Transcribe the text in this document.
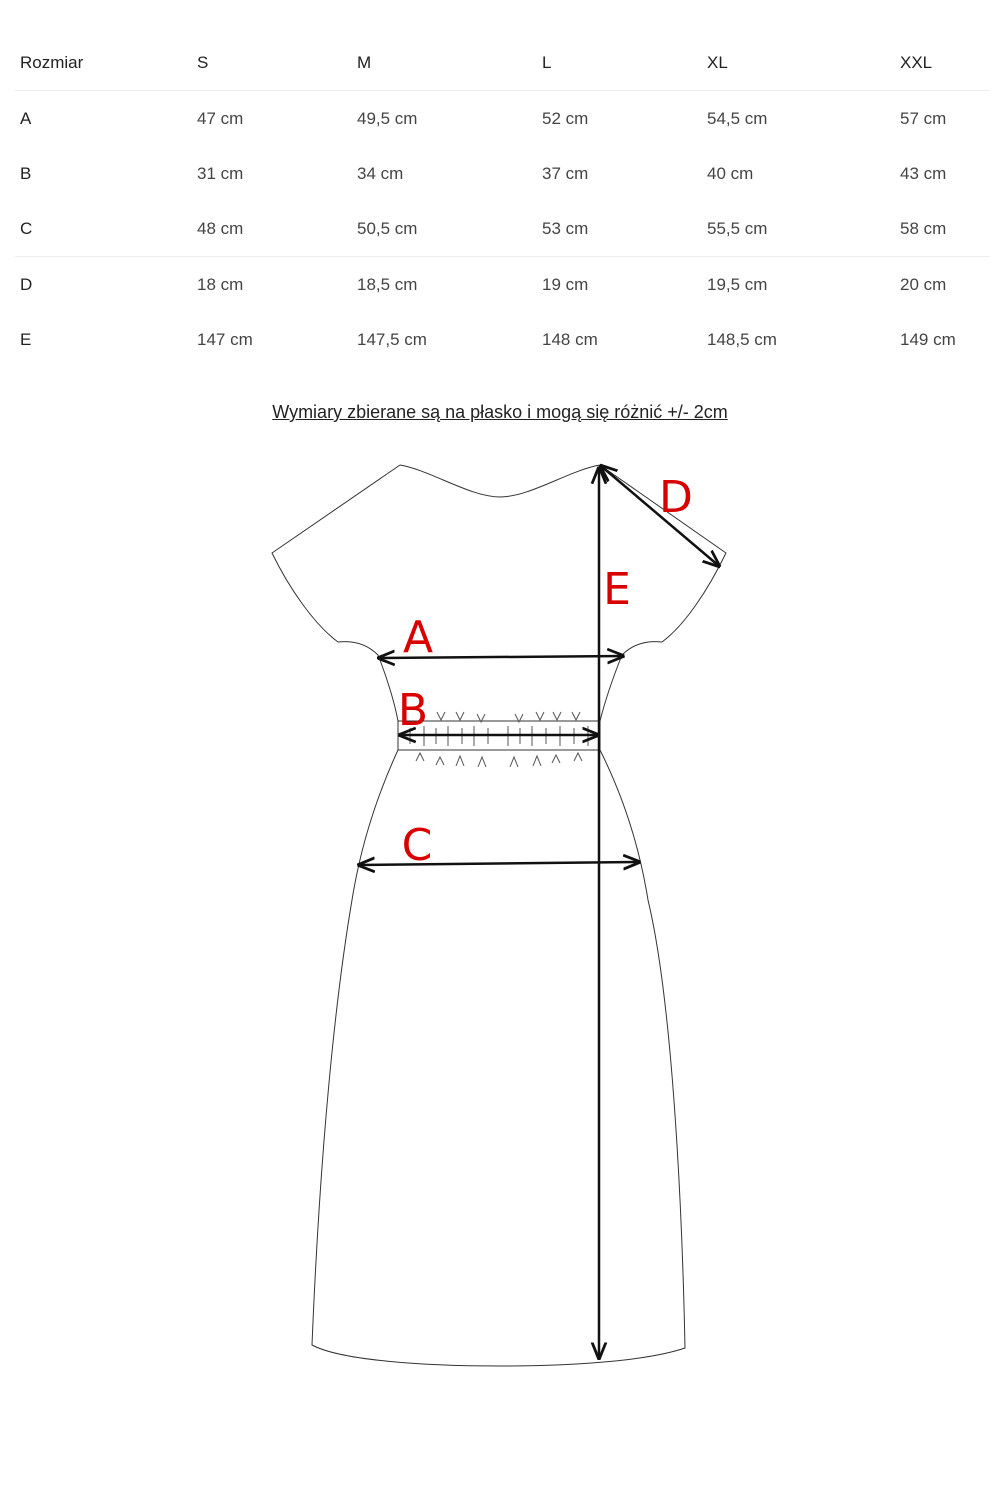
Rozmiar	S	M	L	XL	XXL
A	47 cm	49,5 cm	52 cm	54,5 cm	57 cm
B	31 cm	34 cm	37 cm	40 cm	43 cm
C	48 cm	50,5 cm	53 cm	55,5 cm	58 cm
D	18 cm	18,5 cm	19 cm	19,5 cm	20 cm
E	147 cm	147,5 cm	148 cm	148,5 cm	149 cm
Wymiary zbierane są na płasko i mogą się różnić +/- 2cm
A
B
C
D
E
